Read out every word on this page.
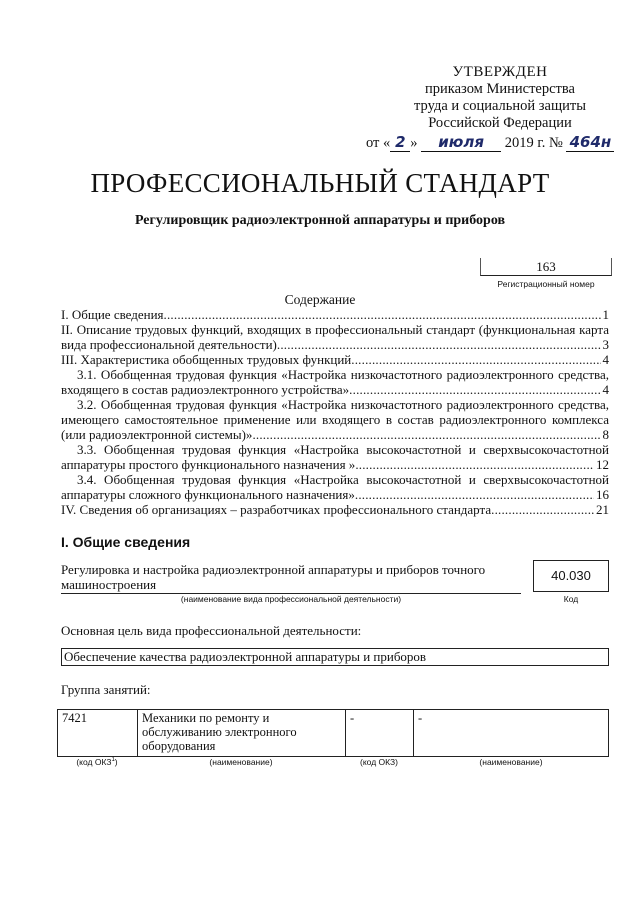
УТВЕРЖДЕН
приказом Министерства
труда и социальной защиты
Российской Федерации
от « 2 » июля 2019 г. № 464н
ПРОФЕССИОНАЛЬНЫЙ СТАНДАРТ
Регулировщик радиоэлектронной аппаратуры и приборов
163
Регистрационный номер
Содержание
I. Общие сведения .....	1
II. Описание трудовых функций, входящих в профессиональный стандарт (функциональная карта
вида профессиональной деятельности) .....	3
III. Характеристика обобщенных трудовых функций .....	4
3.1. Обобщенная трудовая функция «Настройка низкочастотного радиоэлектронного средства,
входящего в состав радиоэлектронного устройства» .....	4
3.2. Обобщенная трудовая функция «Настройка низкочастотного радиоэлектронного средства,
имеющего самостоятельное применение или входящего в состав радиоэлектронного комплекса
(или радиоэлектронной системы)» .....	8
3.3. Обобщенная трудовая функция «Настройка высокочастотной и сверхвысокочастотной
аппаратуры простого функционального назначения » .....	12
3.4. Обобщенная трудовая функция «Настройка высокочастотной и сверхвысокочастотной
аппаратуры сложного функционального назначения» .....	16
IV. Сведения об организациях – разработчиках профессионального стандарта .....	21
I. Общие сведения
Регулировка и настройка радиоэлектронной аппаратуры и приборов точного машиностроения
40.030
(наименование вида профессиональной деятельности)	Код
Основная цель вида профессиональной деятельности:
Обеспечение качества радиоэлектронной аппаратуры и приборов
Группа занятий:
7421	Механики по ремонту и обслуживанию электронного оборудования	-	-
(код ОКЗ$^1$)	(наименование)	(код ОКЗ)	(наименование)
